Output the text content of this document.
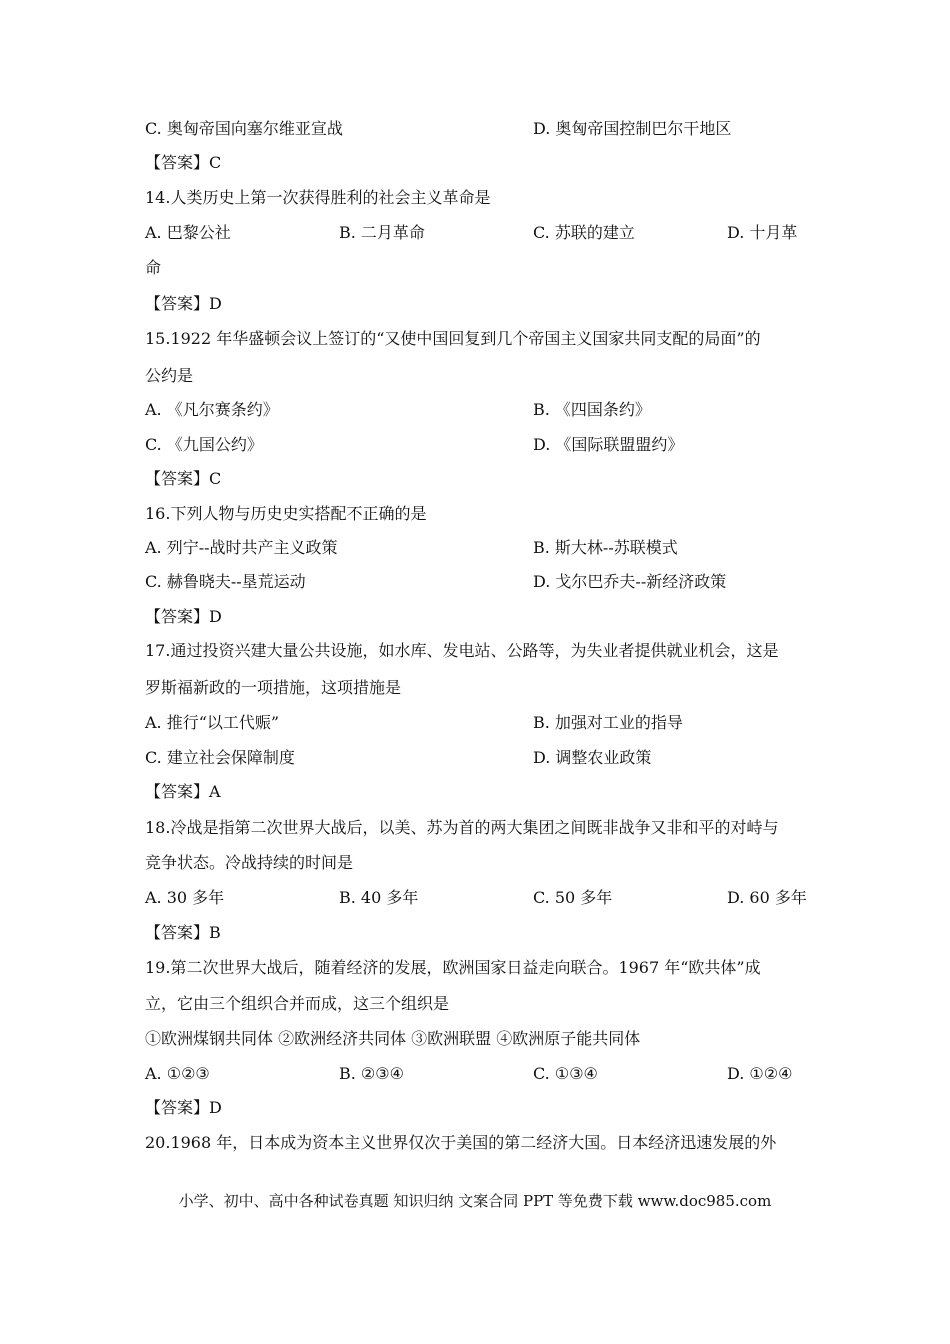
C. 奥匈帝国向塞尔维亚宣战	D. 奥匈帝国控制巴尔干地区
【答案】C
14.人类历史上第一次获得胜利的社会主义革命是
A. 巴黎公社	B. 二月革命	C. 苏联的建立	D. 十月革
命
【答案】D
15.1922 年华盛顿会议上签订的“又使中国回复到几个帝国主义国家共同支配的局面”的
公约是
A. 《凡尔赛条约》	B. 《四国条约》
C. 《九国公约》	D. 《国际联盟盟约》
【答案】C
16.下列人物与历史史实搭配不正确的是
A. 列宁--战时共产主义政策	B. 斯大林--苏联模式
C. 赫鲁晓夫--垦荒运动	D. 戈尔巴乔夫--新经济政策
【答案】D
17.通过投资兴建大量公共设施，如水库、发电站、公路等，为失业者提供就业机会，这是
罗斯福新政的一项措施，这项措施是
A. 推行“以工代赈”	B. 加强对工业的指导
C. 建立社会保障制度	D. 调整农业政策
【答案】A
18.冷战是指第二次世界大战后，以美、苏为首的两大集团之间既非战争又非和平的对峙与
竞争状态。冷战持续的时间是
A. 30 多年	B. 40 多年	C. 50 多年	D. 60 多年
【答案】B
19.第二次世界大战后，随着经济的发展，欧洲国家日益走向联合。1967 年“欧共体”成
立，它由三个组织合并而成，这三个组织是
①欧洲煤钢共同体 ②欧洲经济共同体 ③欧洲联盟 ④欧洲原子能共同体
A. ①②③	B. ②③④	C. ①③④	D. ①②④
【答案】D
20.1968 年，日本成为资本主义世界仅次于美国的第二经济大国。日本经济迅速发展的外
小学、初中、高中各种试卷真题 知识归纳 文案合同 PPT 等免费下载 www.doc985.com
